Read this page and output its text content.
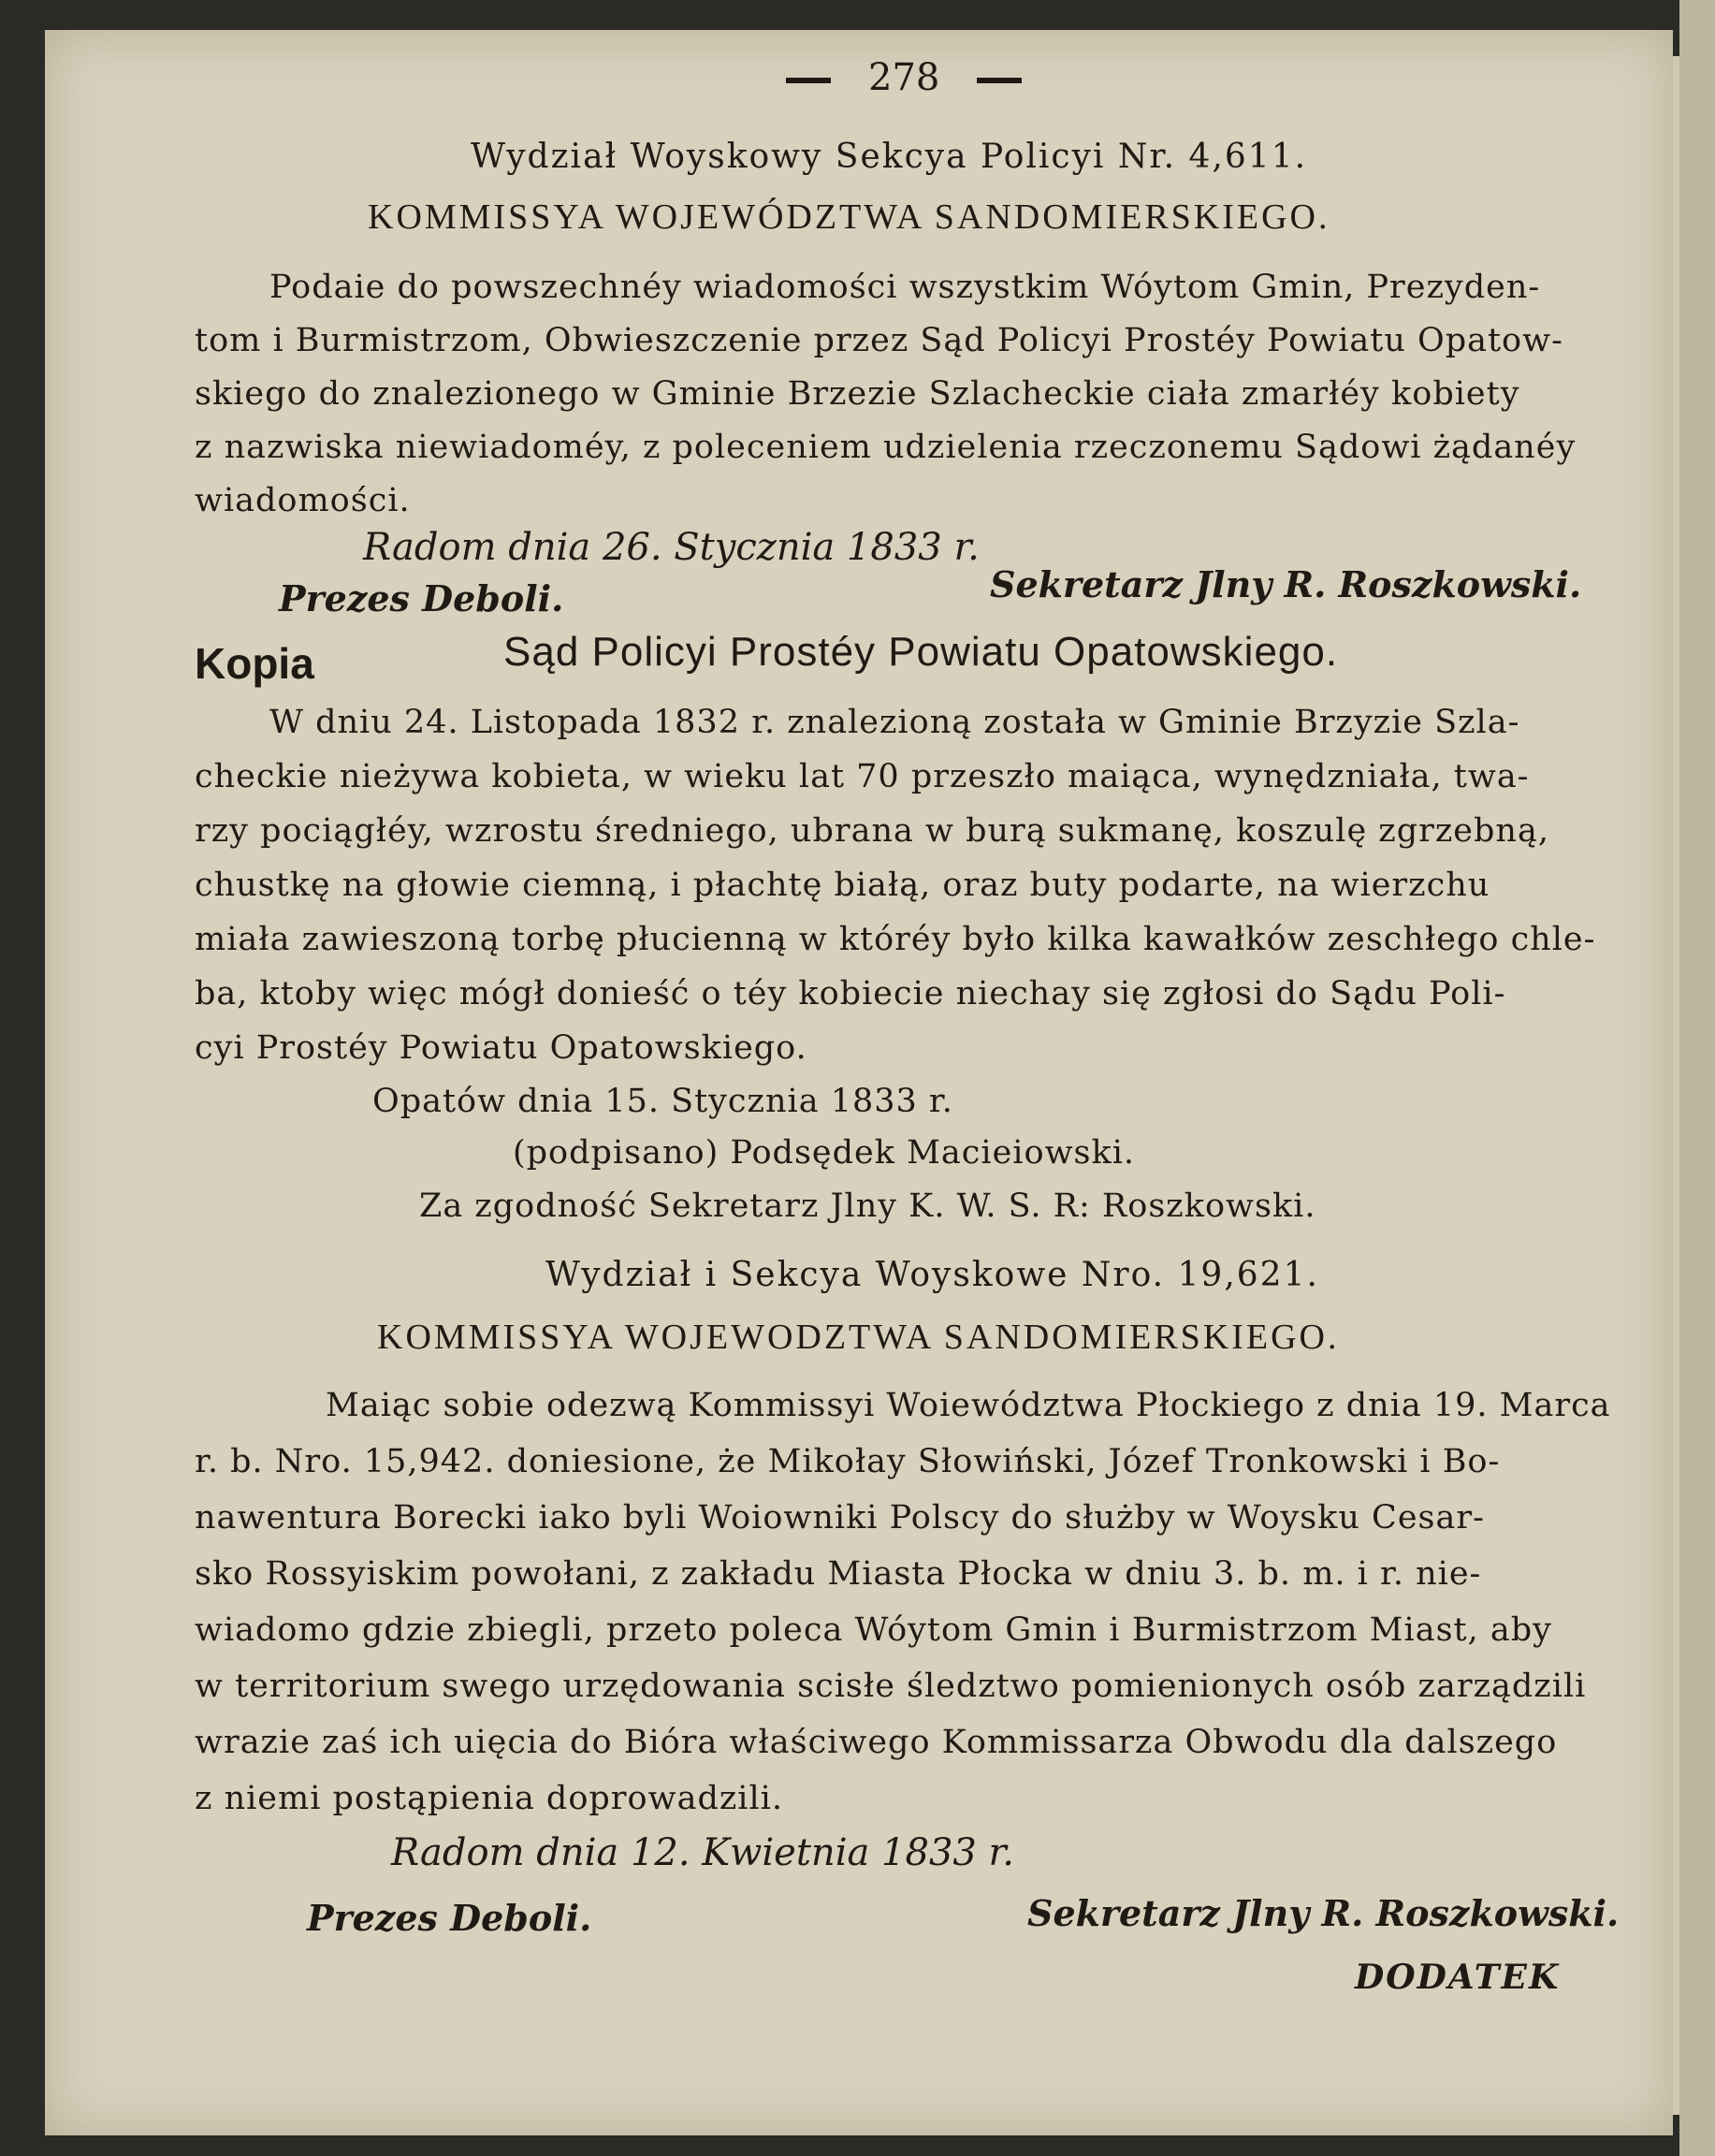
278
Wydział Woyskowy Sekcya Policyi Nr. 4,611.
KOMMISSYA WOJEWÓDZTWA SANDOMIERSKIEGO.
Podaie do powszechnéy wiadomości wszystkim Wóytom Gmin, Prezyden-
tom i Burmistrzom, Obwieszczenie przez Sąd Policyi Prostéy Powiatu Opatow-
skiego do znalezionego w Gminie Brzezie Szlacheckie ciała zmarłéy kobiety
z nazwiska niewiadoméy, z poleceniem udzielenia rzeczonemu Sądowi żądanéy
wiadomości.
Radom dnia 26. Stycznia 1833 r.
Prezes Deboli.	Sekretarz Jlny R. Roszkowski.
Kopia	Sąd Policyi Prostéy Powiatu Opatowskiego.
W dniu 24. Listopada 1832 r. znalezioną została w Gminie Brzyzie Szla-
checkie nieżywa kobieta, w wieku lat 70 przeszło maiąca, wynędzniała, twa-
rzy pociągłéy, wzrostu średniego, ubrana w burą sukmanę, koszulę zgrzebną,
chustkę na głowie ciemną, i płachtę białą, oraz buty podarte, na wierzchu
miała zawieszoną torbę płucienną w któréy było kilka kawałków zeschłego chle-
ba, ktoby więc mógł donieść o téy kobiecie niechay się zgłosi do Sądu Poli-
cyi Prostéy Powiatu Opatowskiego.
Opatów dnia 15. Stycznia 1833 r.
(podpisano) Podsędek Macieiowski.
Za zgodność Sekretarz Jlny K. W. S. R: Roszkowski.
Wydział i Sekcya Woyskowe Nro. 19,621.
KOMMISSYA WOJEWODZTWA SANDOMIERSKIEGO.
Maiąc sobie odezwą Kommissyi Woiewództwa Płockiego z dnia 19. Marca
r. b. Nro. 15,942. doniesione, że Mikołay Słowiński, Józef Tronkowski i Bo-
nawentura Borecki iako byli Woiowniki Polscy do służby w Woysku Cesar-
sko Rossyiskim powołani, z zakładu Miasta Płocka w dniu 3. b. m. i r. nie-
wiadomo gdzie zbiegli, przeto poleca Wóytom Gmin i Burmistrzom Miast, aby
w territorium swego urzędowania scisłe śledztwo pomienionych osób zarządzili
wrazie zaś ich uięcia do Bióra właściwego Kommissarza Obwodu dla dalszego
z niemi postąpienia doprowadzili.
Radom dnia 12. Kwietnia 1833 r.
Prezes Deboli.	Sekretarz Jlny R. Roszkowski.
DODATEK
